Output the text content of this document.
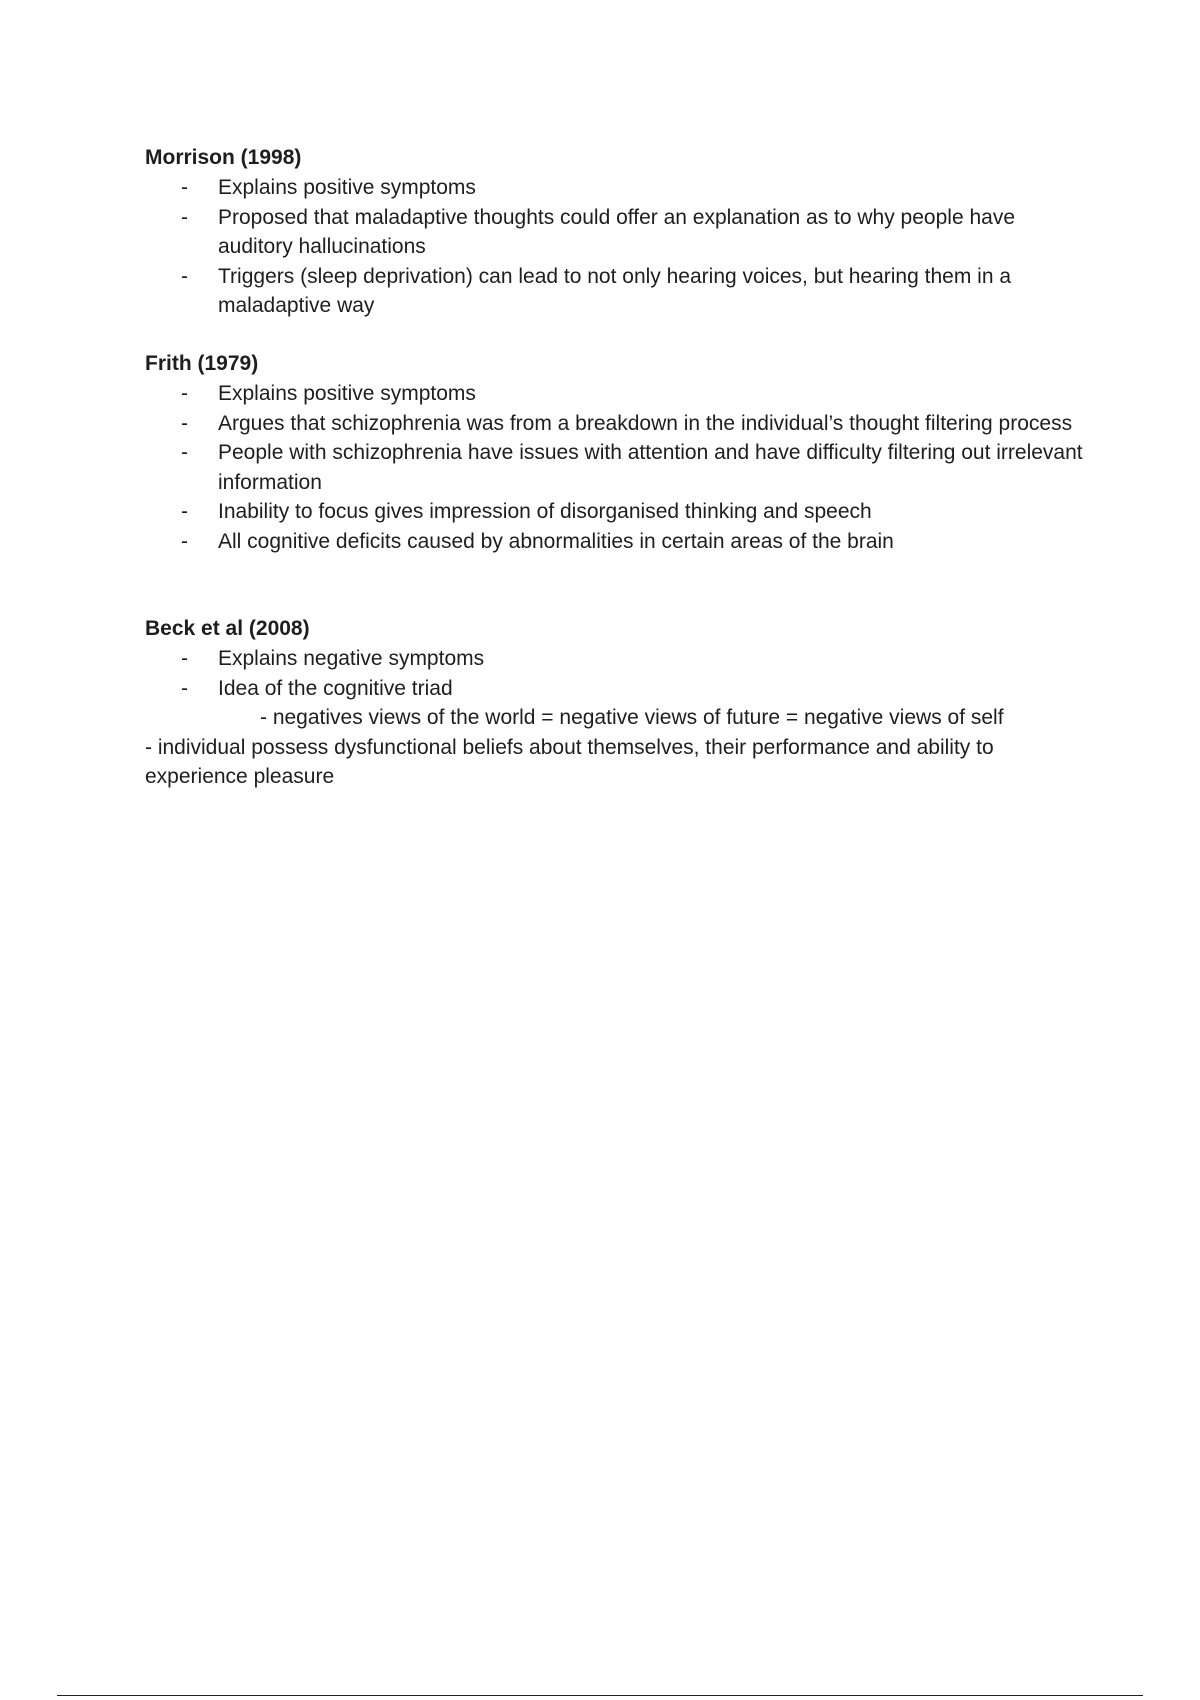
Morrison (1998)

- Explains positive symptoms
- Proposed that maladaptive thoughts could offer an explanation as to why people have auditory hallucinations
- Triggers (sleep deprivation) can lead to not only hearing voices, but hearing them in a maladaptive way

Frith (1979)

- Explains positive symptoms
- Argues that schizophrenia was from a breakdown in the individual’s thought filtering process
- People with schizophrenia have issues with attention and have difficulty filtering out irrelevant information
- Inability to focus gives impression of disorganised thinking and speech
- All cognitive deficits caused by abnormalities in certain areas of the brain

Beck et al (2008)

- Explains negative symptoms
- Idea of the cognitive triad
- negatives views of the world = negative views of future = negative views of self
- individual possess dysfunctional beliefs about themselves, their performance and ability to experience pleasure
